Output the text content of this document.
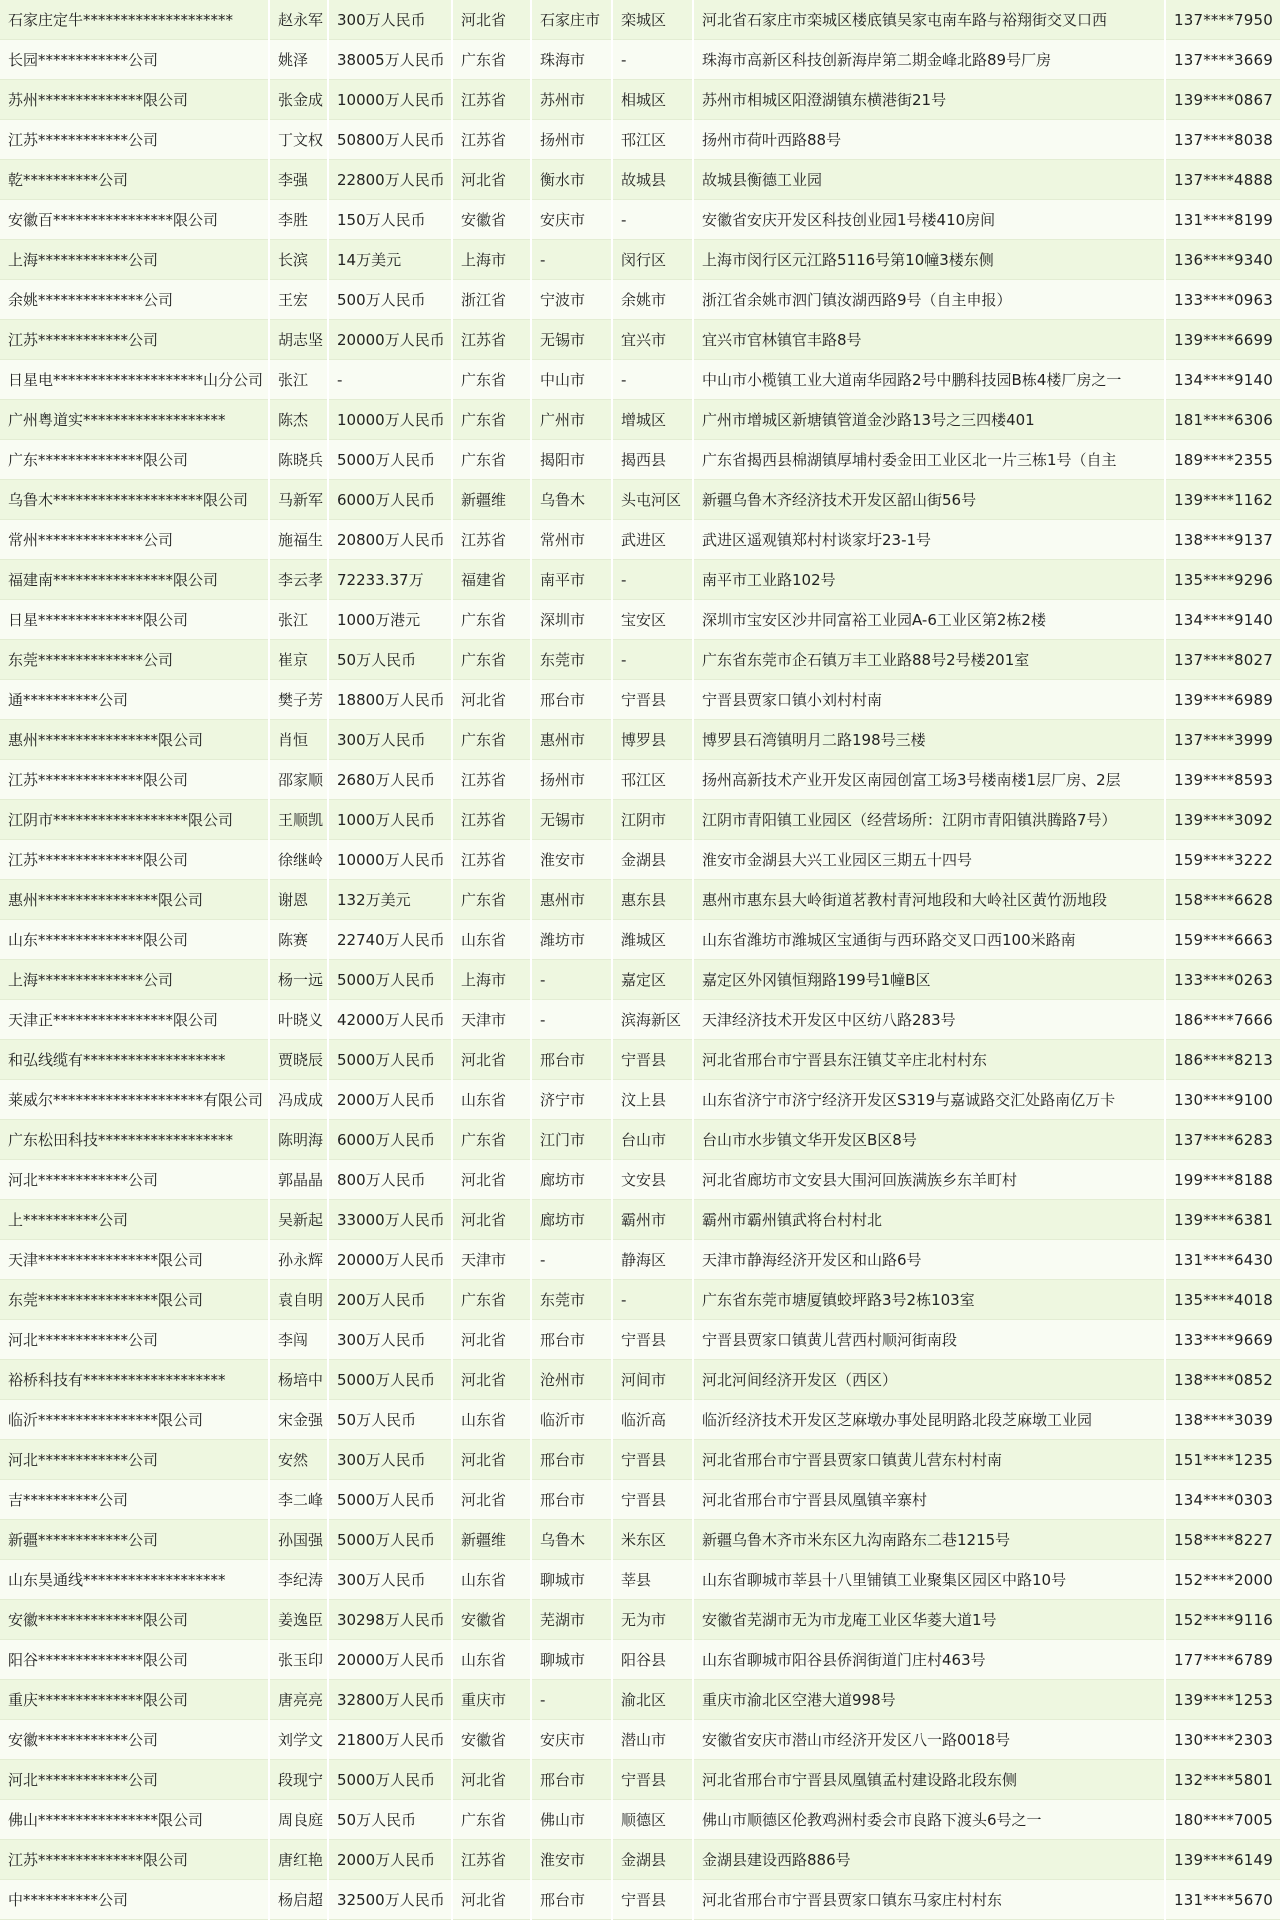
石家庄定牛********************	赵永军	300万人民币	河北省	石家庄市	栾城区	河北省石家庄市栾城区楼底镇吴家屯南车路与裕翔街交叉口西	137****7950
长园************公司	姚泽	38005万人民币	广东省	珠海市	-	珠海市高新区科技创新海岸第二期金峰北路89号厂房	137****3669
苏州**************限公司	张金成	10000万人民币	江苏省	苏州市	相城区	苏州市相城区阳澄湖镇东横港街21号	139****0867
江苏************公司	丁文权	50800万人民币	江苏省	扬州市	邗江区	扬州市荷叶西路88号	137****8038
乾**********公司	李强	22800万人民币	河北省	衡水市	故城县	故城县衡德工业园	137****4888
安徽百****************限公司	李胜	150万人民币	安徽省	安庆市	-	安徽省安庆开发区科技创业园1号楼410房间	131****8199
上海************公司	长滨	14万美元	上海市	-	闵行区	上海市闵行区元江路5116号第10幢3楼东侧	136****9340
余姚**************公司	王宏	500万人民币	浙江省	宁波市	余姚市	浙江省余姚市泗门镇汝湖西路9号（自主申报）	133****0963
江苏************公司	胡志坚	20000万人民币	江苏省	无锡市	宜兴市	宜兴市官林镇官丰路8号	139****6699
日星电********************山分公司	张江	-	广东省	中山市	-	中山市小榄镇工业大道南华园路2号中鹏科技园B栋4楼厂房之一	134****9140
广州粤道实*******************	陈杰	10000万人民币	广东省	广州市	增城区	广州市增城区新塘镇管道金沙路13号之三四楼401	181****6306
广东**************限公司	陈晓兵	5000万人民币	广东省	揭阳市	揭西县	广东省揭西县棉湖镇厚埔村委金田工业区北一片三栋1号（自主	189****2355
乌鲁木********************限公司	马新军	6000万人民币	新疆维	乌鲁木	头屯河区	新疆乌鲁木齐经济技术开发区韶山街56号	139****1162
常州**************公司	施福生	20800万人民币	江苏省	常州市	武进区	武进区遥观镇郑村村谈家圩23-1号	138****9137
福建南****************限公司	李云孝	72233.37万	福建省	南平市	-	南平市工业路102号	135****9296
日星**************限公司	张江	1000万港元	广东省	深圳市	宝安区	深圳市宝安区沙井同富裕工业园A-6工业区第2栋2楼	134****9140
东莞**************公司	崔京	50万人民币	广东省	东莞市	-	广东省东莞市企石镇万丰工业路88号2号楼201室	137****8027
通**********公司	樊子芳	18800万人民币	河北省	邢台市	宁晋县	宁晋县贾家口镇小刘村村南	139****6989
惠州****************限公司	肖恒	300万人民币	广东省	惠州市	博罗县	博罗县石湾镇明月二路198号三楼	137****3999
江苏**************限公司	邵家顺	2680万人民币	江苏省	扬州市	邗江区	扬州高新技术产业开发区南园创富工场3号楼南楼1层厂房、2层	139****8593
江阴市******************限公司	王顺凯	1000万人民币	江苏省	无锡市	江阴市	江阴市青阳镇工业园区（经营场所：江阴市青阳镇洪腾路7号）	139****3092
江苏**************限公司	徐继岭	10000万人民币	江苏省	淮安市	金湖县	淮安市金湖县大兴工业园区三期五十四号	159****3222
惠州****************限公司	谢恩	132万美元	广东省	惠州市	惠东县	惠州市惠东县大岭街道茗教村青河地段和大岭社区黄竹沥地段	158****6628
山东**************限公司	陈赛	22740万人民币	山东省	潍坊市	潍城区	山东省潍坊市潍城区宝通街与西环路交叉口西100米路南	159****6663
上海**************公司	杨一远	5000万人民币	上海市	-	嘉定区	嘉定区外冈镇恒翔路199号1幢B区	133****0263
天津正****************限公司	叶晓义	42000万人民币	天津市	-	滨海新区	天津经济技术开发区中区纺八路283号	186****7666
和弘线缆有*******************	贾晓辰	5000万人民币	河北省	邢台市	宁晋县	河北省邢台市宁晋县东汪镇艾辛庄北村村东	186****8213
莱威尔********************有限公司	冯成成	2000万人民币	山东省	济宁市	汶上县	山东省济宁市济宁经济开发区S319与嘉诚路交汇处路南亿万卡	130****9100
广东松田科技******************	陈明海	6000万人民币	广东省	江门市	台山市	台山市水步镇文华开发区B区8号	137****6283
河北************公司	郭晶晶	800万人民币	河北省	廊坊市	文安县	河北省廊坊市文安县大围河回族满族乡东羊町村	199****8188
上**********公司	吴新起	33000万人民币	河北省	廊坊市	霸州市	霸州市霸州镇武将台村村北	139****6381
天津****************限公司	孙永辉	20000万人民币	天津市	-	静海区	天津市静海经济开发区和山路6号	131****6430
东莞****************限公司	袁自明	200万人民币	广东省	东莞市	-	广东省东莞市塘厦镇蛟坪路3号2栋103室	135****4018
河北************公司	李闯	300万人民币	河北省	邢台市	宁晋县	宁晋县贾家口镇黄儿营西村顺河街南段	133****9669
裕桥科技有*******************	杨培中	5000万人民币	河北省	沧州市	河间市	河北河间经济开发区（西区）	138****0852
临沂****************限公司	宋金强	50万人民币	山东省	临沂市	临沂高	临沂经济技术开发区芝麻墩办事处昆明路北段芝麻墩工业园	138****3039
河北************公司	安然	300万人民币	河北省	邢台市	宁晋县	河北省邢台市宁晋县贾家口镇黄儿营东村村南	151****1235
吉**********公司	李二峰	5000万人民币	河北省	邢台市	宁晋县	河北省邢台市宁晋县凤凰镇辛寨村	134****0303
新疆************公司	孙国强	5000万人民币	新疆维	乌鲁木	米东区	新疆乌鲁木齐市米东区九沟南路东二巷1215号	158****8227
山东昊通线*******************	李纪涛	300万人民币	山东省	聊城市	莘县	山东省聊城市莘县十八里铺镇工业聚集区园区中路10号	152****2000
安徽**************限公司	姜逸臣	30298万人民币	安徽省	芜湖市	无为市	安徽省芜湖市无为市龙庵工业区华菱大道1号	152****9116
阳谷**************限公司	张玉印	20000万人民币	山东省	聊城市	阳谷县	山东省聊城市阳谷县侨润街道门庄村463号	177****6789
重庆**************限公司	唐亮亮	32800万人民币	重庆市	-	渝北区	重庆市渝北区空港大道998号	139****1253
安徽************公司	刘学文	21800万人民币	安徽省	安庆市	潜山市	安徽省安庆市潜山市经济开发区八一路0018号	130****2303
河北************公司	段现宁	5000万人民币	河北省	邢台市	宁晋县	河北省邢台市宁晋县凤凰镇孟村建设路北段东侧	132****5801
佛山****************限公司	周良庭	50万人民币	广东省	佛山市	顺德区	佛山市顺德区伦教鸡洲村委会市良路下渡头6号之一	180****7005
江苏**************限公司	唐红艳	2000万人民币	江苏省	淮安市	金湖县	金湖县建设西路886号	139****6149
中**********公司	杨启超	32500万人民币	河北省	邢台市	宁晋县	河北省邢台市宁晋县贾家口镇东马家庄村村东	131****5670
